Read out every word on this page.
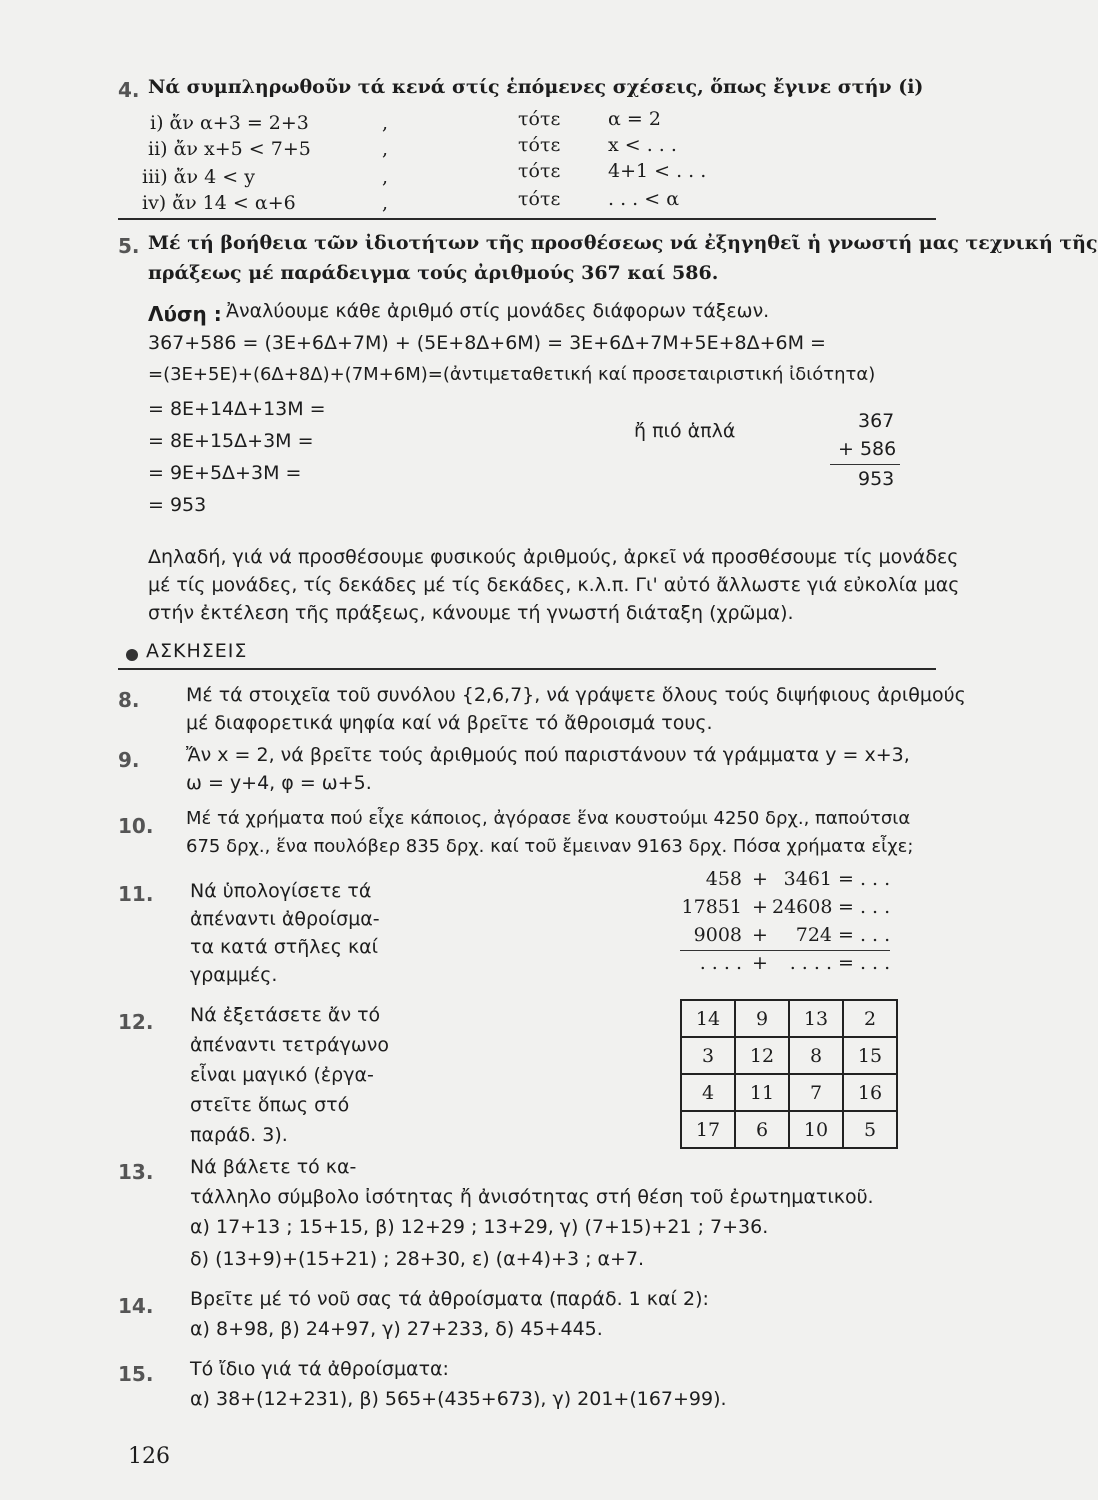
4. Νά συμπληρωθοῦν τά κενά στίς ἑπόμενες σχέσεις, ὅπως ἔγινε στήν (i)
i) ἄν α+3 = 2+3	,	τότε	α = 2
ii) ἄν x+5 < 7+5	,	τότε	x < . . .
iii) ἄν 4 < y	,	τότε	4+1 < . . .
iv) ἄν 14 < α+6	,	τότε	. . . < α
5. Μέ τή βοήθεια τῶν ἰδιοτήτων τῆς προσθέσεως νά ἐξηγηθεῖ ἡ γνωστή μας τεχνική τῆς
πράξεως μέ παράδειγμα τούς ἀριθμούς 367 καί 586.
Λύση : Ἀναλύουμε κάθε ἀριθμό στίς μονάδες διάφορων τάξεων.
367+586 = (3Ε+6Δ+7Μ) + (5Ε+8Δ+6Μ) = 3Ε+6Δ+7Μ+5Ε+8Δ+6Μ =
=(3Ε+5Ε)+(6Δ+8Δ)+(7Μ+6Μ)=(ἀντιμεταθετική καί προσεταιριστική ἰδιότητα)
= 8Ε+14Δ+13Μ =
= 8Ε+15Δ+3Μ =
= 9Ε+5Δ+3Μ =
= 953
ἤ πιό ἁπλά	367
+ 586
953
Δηλαδή, γιά νά προσθέσουμε φυσικούς ἀριθμούς, ἀρκεῖ νά προσθέσουμε τίς μονάδες
μέ τίς μονάδες, τίς δεκάδες μέ τίς δεκάδες, κ.λ.π. Γι' αὐτό ἄλλωστε γιά εὐκολία μας
στήν ἐκτέλεση τῆς πράξεως, κάνουμε τή γνωστή διάταξη (χρῶμα).
ΑΣΚΗΣΕΙΣ
8. Μέ τά στοιχεῖα τοῦ συνόλου {2,6,7}, νά γράψετε ὅλους τούς διψήφιους ἀριθμούς
μέ διαφορετικά ψηφία καί νά βρεῖτε τό ἄθροισμά τους.
9. Ἄν x = 2, νά βρεῖτε τούς ἀριθμούς πού παριστάνουν τά γράμματα y = x+3,
ω = y+4, φ = ω+5.
10. Μέ τά χρήματα πού εἶχε κάποιος, ἀγόρασε ἕνα κουστούμι 4250 δρχ., παπούτσια
675 δρχ., ἕνα πουλόβερ 835 δρχ. καί τοῦ ἔμειναν 9163 δρχ. Πόσα χρήματα εἶχε;
11. Νά ὑπολογίσετε τά
ἀπέναντι ἀθροίσμα-
τα κατά στῆλες καί
γραμμές.
458 + 3461 = . . .
17851 + 24608 = . . .
9008 +	724 = . . .
. . . . +	. . . . = . . .
12. Νά ἐξετάσετε ἄν τό
ἀπέναντι τετράγωνο
εἶναι μαγικό (ἐργα-
στεῖτε ὅπως στό
παράδ. 3).
14	9	13	2
3	12	8	15
4	11	7	16
17	6	10	5
13. Νά βάλετε τό κα-
τάλληλο σύμβολο ἰσότητας ἤ ἀνισότητας στή θέση τοῦ ἐρωτηματικοῦ.
α) 17+13 ; 15+15, β) 12+29 ; 13+29, γ) (7+15)+21 ; 7+36.
δ) (13+9)+(15+21) ; 28+30, ε) (α+4)+3 ; α+7.
14. Βρεῖτε μέ τό νοῦ σας τά ἀθροίσματα (παράδ. 1 καί 2):
α) 8+98, β) 24+97, γ) 27+233, δ) 45+445.
15. Τό ἴδιο γιά τά ἀθροίσματα:
α) 38+(12+231), β) 565+(435+673), γ) 201+(167+99).
126
